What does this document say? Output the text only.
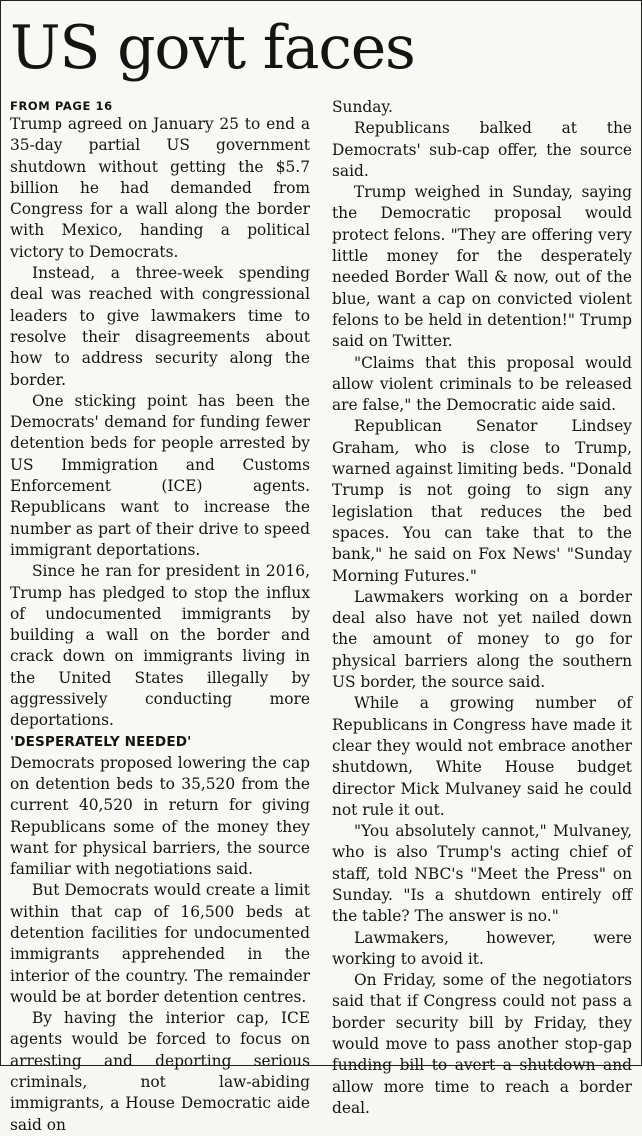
US govt faces
FROM PAGE 16

Trump agreed on January 25 to end a 35-day partial US government shutdown without getting the $5.7 billion he had demanded from Congress for a wall along the border with Mexico, handing a political victory to Democrats.

Instead, a three-week spending deal was reached with congressional leaders to give lawmakers time to resolve their disagreements about how to address security along the border.

One sticking point has been the Democrats' demand for funding fewer detention beds for people arrested by US Immigration and Customs Enforcement (ICE) agents. Republicans want to increase the number as part of their drive to speed immigrant deportations.

Since he ran for president in 2016, Trump has pledged to stop the influx of undocumented immigrants by building a wall on the border and crack down on immigrants living in the United States illegally by aggressively conducting more deportations.

'DESPERATELY NEEDED'

Democrats proposed lowering the cap on detention beds to 35,520 from the current 40,520 in return for giving Republicans some of the money they want for physical barriers, the source familiar with negotiations said.

But Democrats would create a limit within that cap of 16,500 beds at detention facilities for undocumented immigrants apprehended in the interior of the country. The remainder would be at border detention centres.

By having the interior cap, ICE agents would be forced to focus on arresting and deporting serious criminals, not law-abiding immigrants, a House Democratic aide said on

Sunday.

Republicans balked at the Democrats' sub-cap offer, the source said.

Trump weighed in Sunday, saying the Democratic proposal would protect felons. "They are offering very little money for the desperately needed Border Wall & now, out of the blue, want a cap on convicted violent felons to be held in detention!" Trump said on Twitter.

"Claims that this proposal would allow violent criminals to be released are false," the Democratic aide said.

Republican Senator Lindsey Graham, who is close to Trump, warned against limiting beds. "Donald Trump is not going to sign any legislation that reduces the bed spaces. You can take that to the bank," he said on Fox News' "Sunday Morning Futures."

Lawmakers working on a border deal also have not yet nailed down the amount of money to go for physical barriers along the southern US border, the source said.

While a growing number of Republicans in Congress have made it clear they would not embrace another shutdown, White House budget director Mick Mulvaney said he could not rule it out.

"You absolutely cannot," Mulvaney, who is also Trump's acting chief of staff, told NBC's "Meet the Press" on Sunday. "Is a shutdown entirely off the table? The answer is no."

Lawmakers, however, were working to avoid it.

On Friday, some of the negotiators said that if Congress could not pass a border security bill by Friday, they would move to pass another stop-gap funding bill to avert a shutdown and allow more time to reach a border deal.
